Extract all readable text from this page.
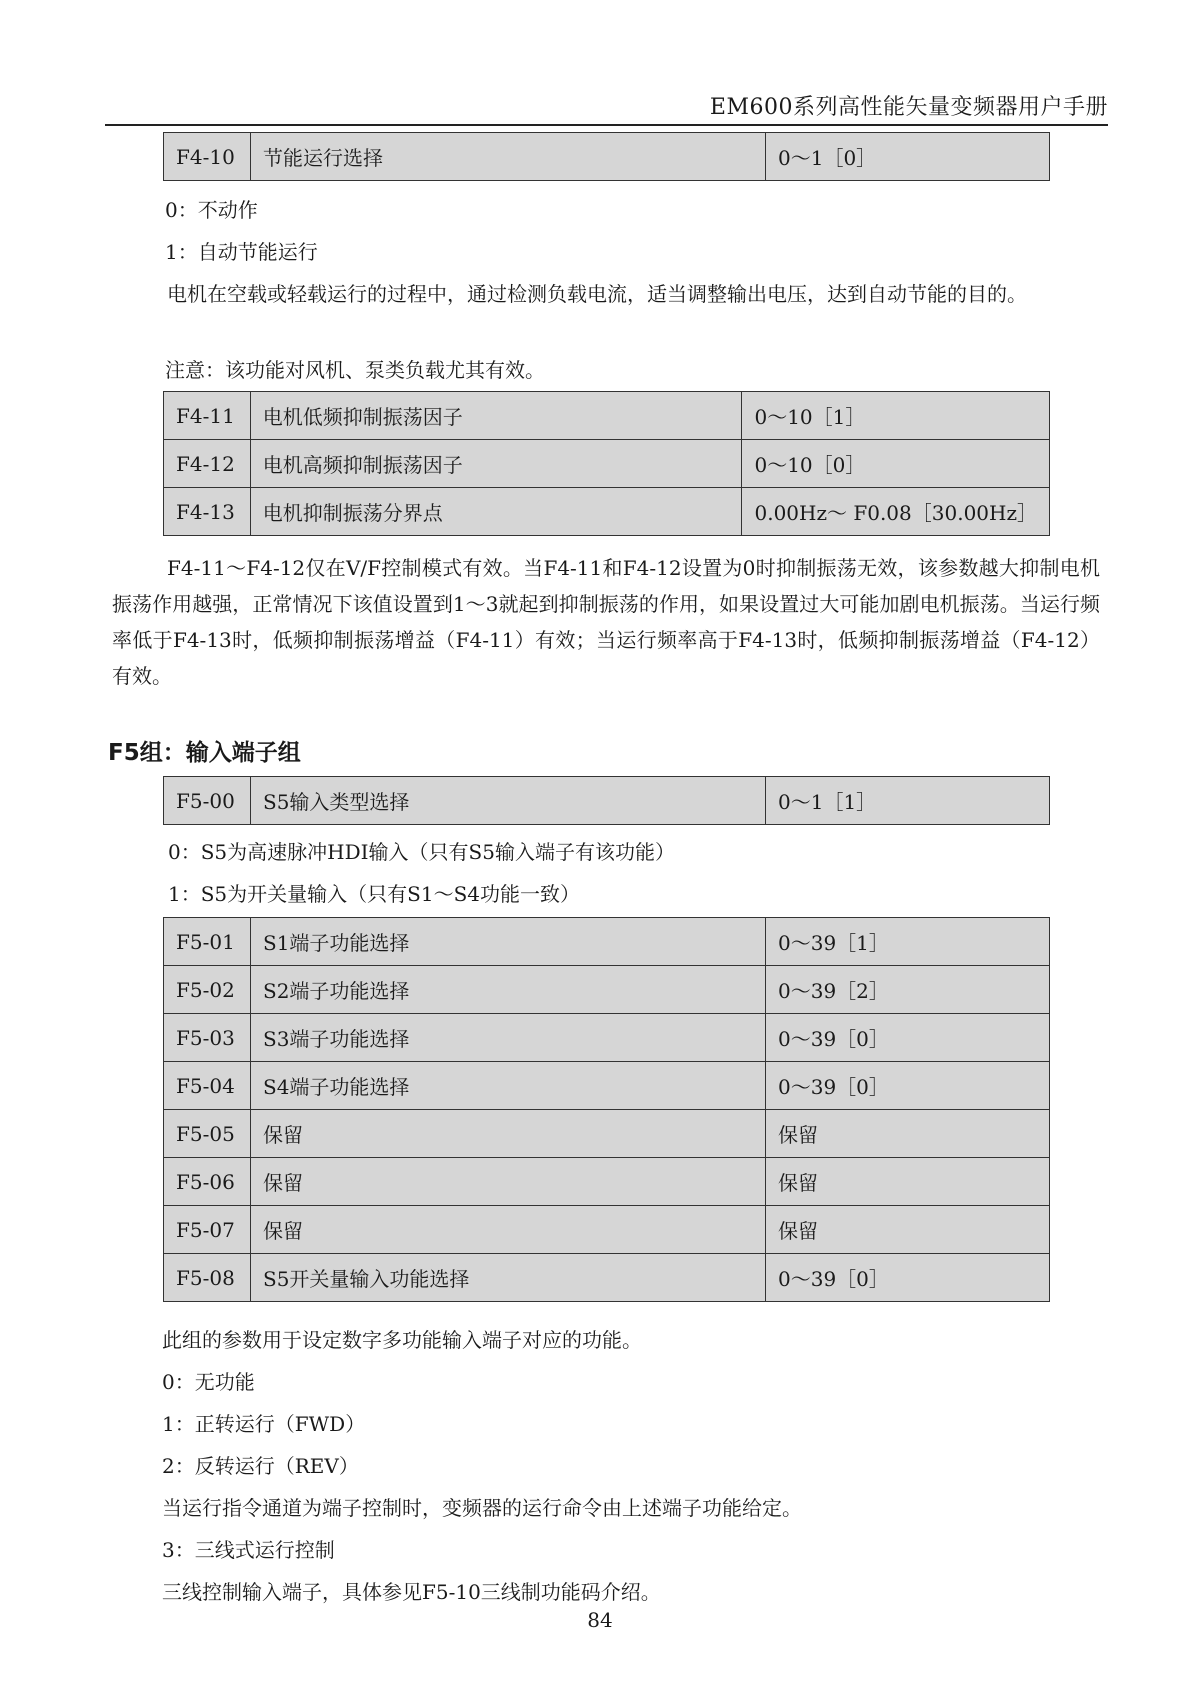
EM600系列高性能矢量变频器用户手册
F4-10	节能运行选择	0～1［0］
0：不动作
1：自动节能运行
电机在空载或轻载运行的过程中，通过检测负载电流，适当调整输出电压，达到自动节能的目的。
注意：该功能对风机、泵类负载尤其有效。
F4-11	电机低频抑制振荡因子	0～10［1］
F4-12	电机高频抑制振荡因子	0～10［0］
F4-13	电机抑制振荡分界点	0.00Hz～ F0.08［30.00Hz］
F4-11～F4-12仅在V/F控制模式有效。当F4-11和F4-12设置为0时抑制振荡无效，该参数越大抑制电机振荡作用越强，正常情况下该值设置到1～3就起到抑制振荡的作用，如果设置过大可能加剧电机振荡。当运行频率低于F4-13时，低频抑制振荡增益（F4-11）有效；当运行频率高于F4-13时，低频抑制振荡增益（F4-12）有效。
F5组：输入端子组
F5-00	S5输入类型选择	0～1［1］
0：S5为高速脉冲HDI输入（只有S5输入端子有该功能）
1：S5为开关量输入（只有S1～S4功能一致）
F5-01	S1端子功能选择	0～39［1］
F5-02	S2端子功能选择	0～39［2］
F5-03	S3端子功能选择	0～39［0］
F5-04	S4端子功能选择	0～39［0］
F5-05	保留	保留
F5-06	保留	保留
F5-07	保留	保留
F5-08	S5开关量输入功能选择	0～39［0］
此组的参数用于设定数字多功能输入端子对应的功能。
0：无功能
1：正转运行（FWD）
2：反转运行（REV）
当运行指令通道为端子控制时，变频器的运行命令由上述端子功能给定。
3：三线式运行控制
三线控制输入端子，具体参见F5-10三线制功能码介绍。
84
